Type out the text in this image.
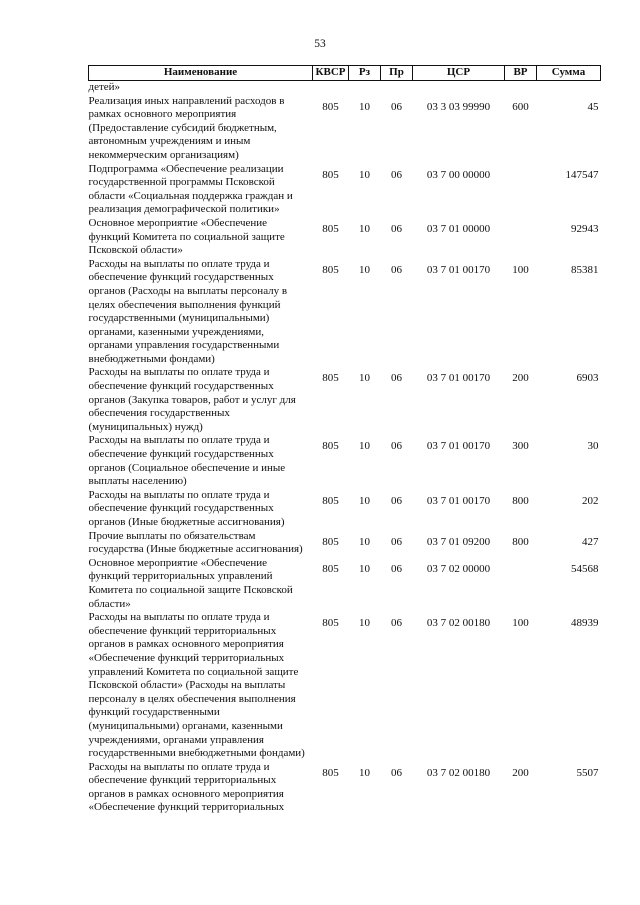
53
Наименование	КВСР	Рз	Пр	ЦСР	ВР	Сумма
детей»						
Реализация иных направлений расходов в рамках основного мероприятия (Предоставление субсидий бюджетным, автономным учреждениям и иным некоммерческим организациям)	805	10	06	03 3 03 99990	600	45
Подпрограмма «Обеспечение реализации государственной программы Псковской области «Социальная поддержка граждан и реализация демографической политики»	805	10	06	03 7 00 00000		147547
Основное мероприятие «Обеспечение функций Комитета по социальной защите Псковской области»	805	10	06	03 7 01 00000		92943
Расходы на выплаты по оплате труда и обеспечение функций государственных органов (Расходы на выплаты персоналу в целях обеспечения выполнения функций государственными (муниципальными) органами, казенными учреждениями, органами управления государственными внебюджетными фондами)	805	10	06	03 7 01 00170	100	85381
Расходы на выплаты по оплате труда и обеспечение функций государственных органов (Закупка товаров, работ и услуг для обеспечения государственных (муниципальных) нужд)	805	10	06	03 7 01 00170	200	6903
Расходы на выплаты по оплате труда и обеспечение функций государственных органов (Социальное обеспечение и иные выплаты населению)	805	10	06	03 7 01 00170	300	30
Расходы на выплаты по оплате труда и обеспечение функций государственных органов (Иные бюджетные ассигнования)	805	10	06	03 7 01 00170	800	202
Прочие выплаты по обязательствам государства (Иные бюджетные ассигнования)	805	10	06	03 7 01 09200	800	427
Основное мероприятие «Обеспечение функций территориальных управлений Комитета по социальной защите Псковской области»	805	10	06	03 7 02 00000		54568
Расходы на выплаты по оплате труда и обеспечение функций территориальных органов в рамках основного мероприятия «Обеспечение функций территориальных управлений Комитета по социальной защите Псковской области» (Расходы на выплаты персоналу в целях обеспечения выполнения функций государственными (муниципальными) органами, казенными учреждениями, органами управления государственными внебюджетными фондами)	805	10	06	03 7 02 00180	100	48939
Расходы на выплаты по оплате труда и обеспечение функций территориальных органов в рамках основного мероприятия «Обеспечение функций территориальных	805	10	06	03 7 02 00180	200	5507
